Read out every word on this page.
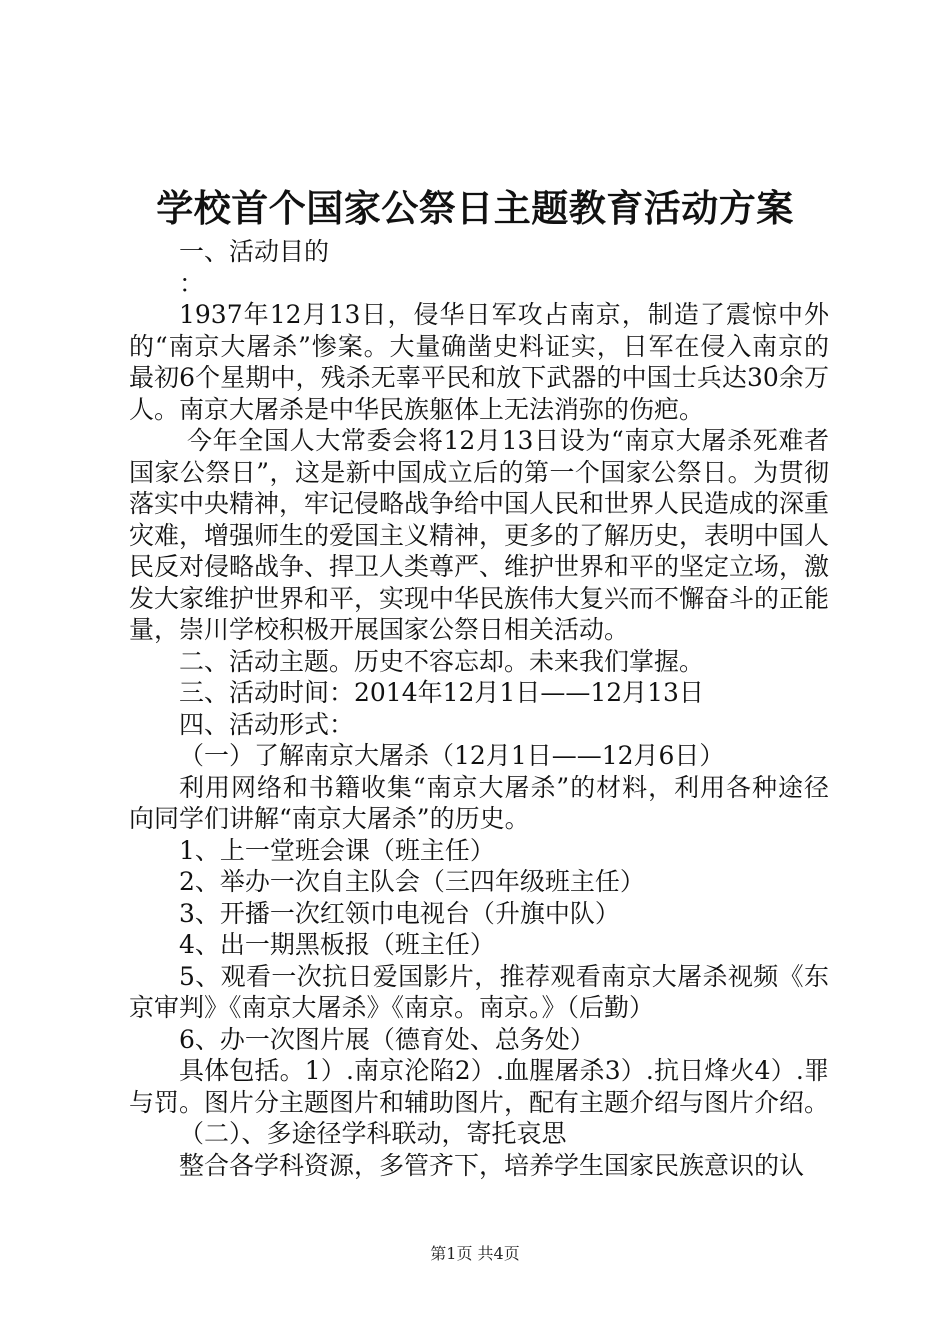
学校首个国家公祭日主题教育活动方案

一、活动目的

：

1937年12月13日，侵华日军攻占南京，制造了震惊中外的“南京大屠杀”惨案。大量确凿史料证实，日军在侵入南京的最初6个星期中，残杀无辜平民和放下武器的中国士兵达30余万人。南京大屠杀是中华民族躯体上无法消弥的伤疤。

今年全国人大常委会将12月13日设为“南京大屠杀死难者国家公祭日”，这是新中国成立后的第一个国家公祭日。为贯彻落实中央精神，牢记侵略战争给中国人民和世界人民造成的深重灾难，增强师生的爱国主义精神，更多的了解历史，表明中国人民反对侵略战争、捍卫人类尊严、维护世界和平的坚定立场，激发大家维护世界和平，实现中华民族伟大复兴而不懈奋斗的正能量，崇川学校积极开展国家公祭日相关活动。

二、活动主题。历史不容忘却。未来我们掌握。

三、活动时间：2014年12月1日——12月13日

四、活动形式：

（一）了解南京大屠杀（12月1日——12月6日）

利用网络和书籍收集“南京大屠杀”的材料，利用各种途径向同学们讲解“南京大屠杀”的历史。

1、上一堂班会课（班主任）

2、举办一次自主队会（三四年级班主任）

3、开播一次红领巾电视台（升旗中队）

4、出一期黑板报（班主任）

5、观看一次抗日爱国影片，推荐观看南京大屠杀视频《东京审判》《南京大屠杀》《南京。南京。》（后勤）

6、办一次图片展（德育处、总务处）

具体包括。1）.南京沦陷2）.血腥屠杀3）.抗日烽火4）.罪与罚。图片分主题图片和辅助图片，配有主题介绍与图片介绍。

（二）、多途径学科联动，寄托哀思

整合各学科资源，多管齐下，培养学生国家民族意识的认

第1页 共4页
